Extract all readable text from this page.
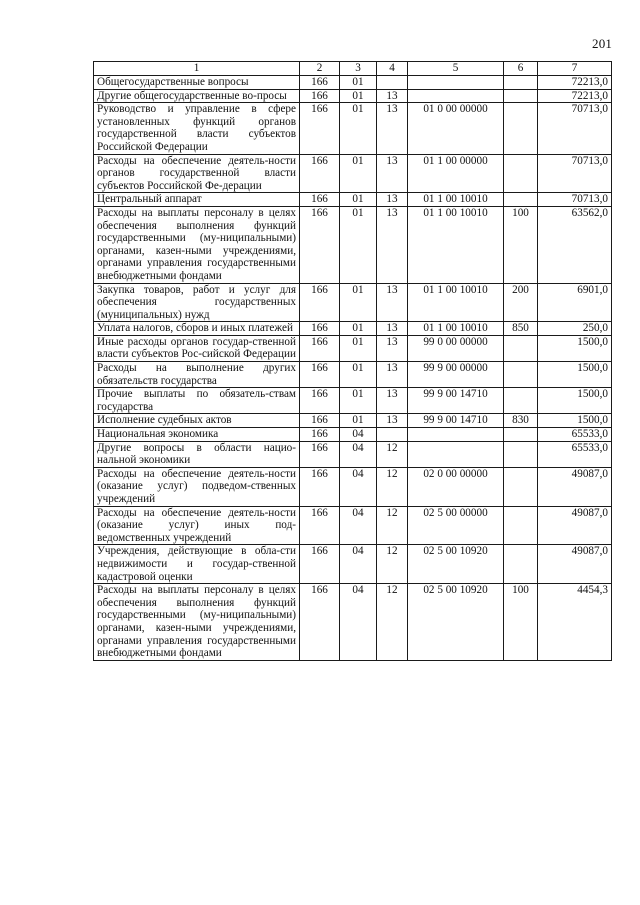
201
1	2	3	4	5	6	7
Общегосударственные вопросы	166	01				72213,0
Другие общегосударственные во-просы	166	01	13			72213,0
Руководство и управление в сфере установленных функций органов государственной власти субъектов Российской Федерации	166	01	13	01 0 00 00000		70713,0
Расходы на обеспечение деятель-ности органов государственной власти субъектов Российской Фе-дерации	166	01	13	01 1 00 00000		70713,0
Центральный аппарат	166	01	13	01 1 00 10010		70713,0
Расходы на выплаты персоналу в целях обеспечения выполнения функций государственными (му-ниципальными) органами, казен-ными учреждениями, органами управления государственными внебюджетными фондами	166	01	13	01 1 00 10010	100	63562,0
Закупка товаров, работ и услуг для обеспечения государственных (муниципальных) нужд	166	01	13	01 1 00 10010	200	6901,0
Уплата налогов, сборов и иных платежей	166	01	13	01 1 00 10010	850	250,0
Иные расходы органов государ-ственной власти субъектов Рос-сийской Федерации	166	01	13	99 0 00 00000		1500,0
Расходы на выполнение других обязательств государства	166	01	13	99 9 00 00000		1500,0
Прочие выплаты по обязатель-ствам государства	166	01	13	99 9 00 14710		1500,0
Исполнение судебных актов	166	01	13	99 9 00 14710	830	1500,0
Национальная экономика	166	04				65533,0
Другие вопросы в области нацио-нальной экономики	166	04	12			65533,0
Расходы на обеспечение деятель-ности (оказание услуг) подведом-ственных учреждений	166	04	12	02 0 00 00000		49087,0
Расходы на обеспечение деятель-ности (оказание услуг) иных под-ведомственных учреждений	166	04	12	02 5 00 00000		49087,0
Учреждения, действующие в обла-сти недвижимости и государ-ственной кадастровой оценки	166	04	12	02 5 00 10920		49087,0
Расходы на выплаты персоналу в целях обеспечения выполнения функций государственными (му-ниципальными) органами, казен-ными учреждениями, органами управления государственными внебюджетными фондами	166	04	12	02 5 00 10920	100	4454,3
